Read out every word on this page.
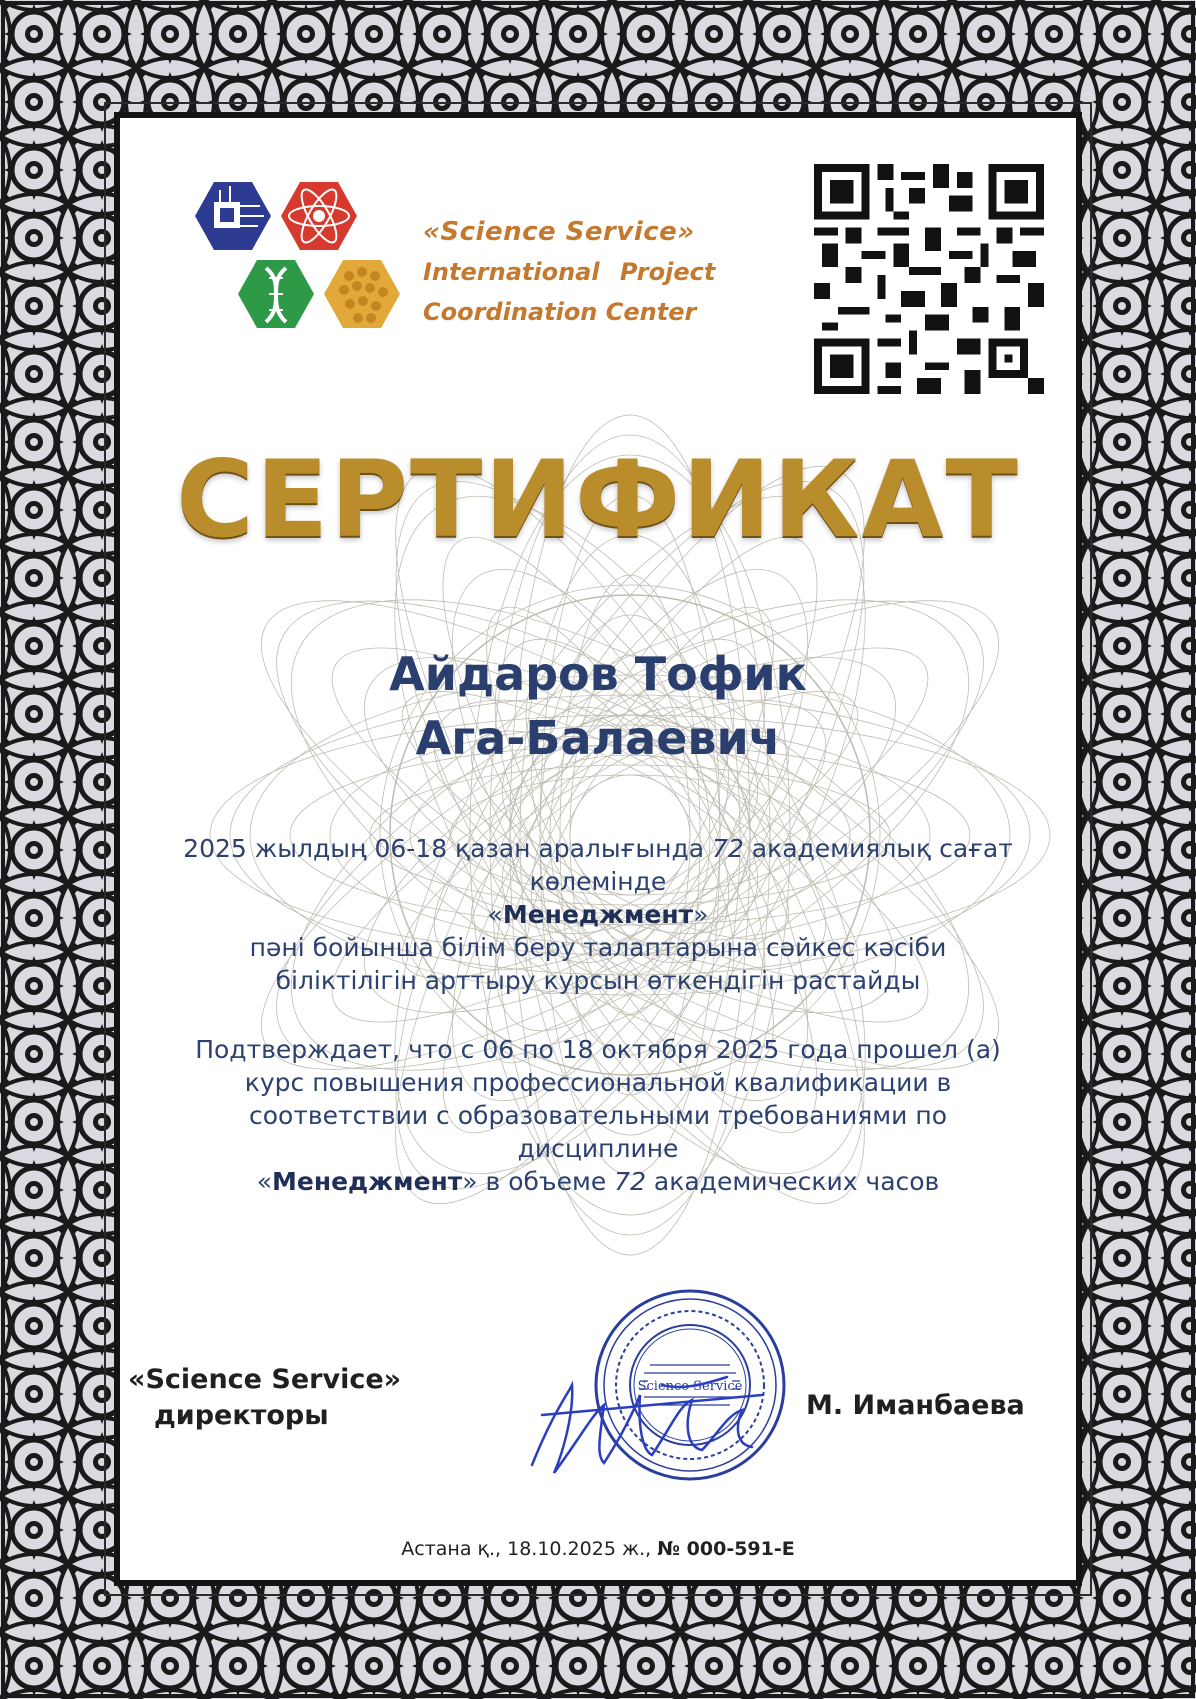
«Science Service»
International Project
Coordination Center
СЕРТИФИКАТ
Айдаров Тофик
Ага-Балаевич
2025 жылдың 06-18 қазан аралығында 72 академиялық сағат
көлемінде
«Менеджмент»
пәні бойынша білім беру талаптарына сәйкес кәсіби
біліктілігін арттыру курсын өткендігін растайды
Подтверждает, что с 06 по 18 октября 2025 года прошел (а)
курс повышения профессиональной квалификации в
соответствии с образовательными требованиями по
дисциплине
«Менеджмент» в объеме 72 академических часов
«Science Service»
директоры
Science Service
М. Иманбаева
Астана қ., 18.10.2025 ж., № 000-591-E
